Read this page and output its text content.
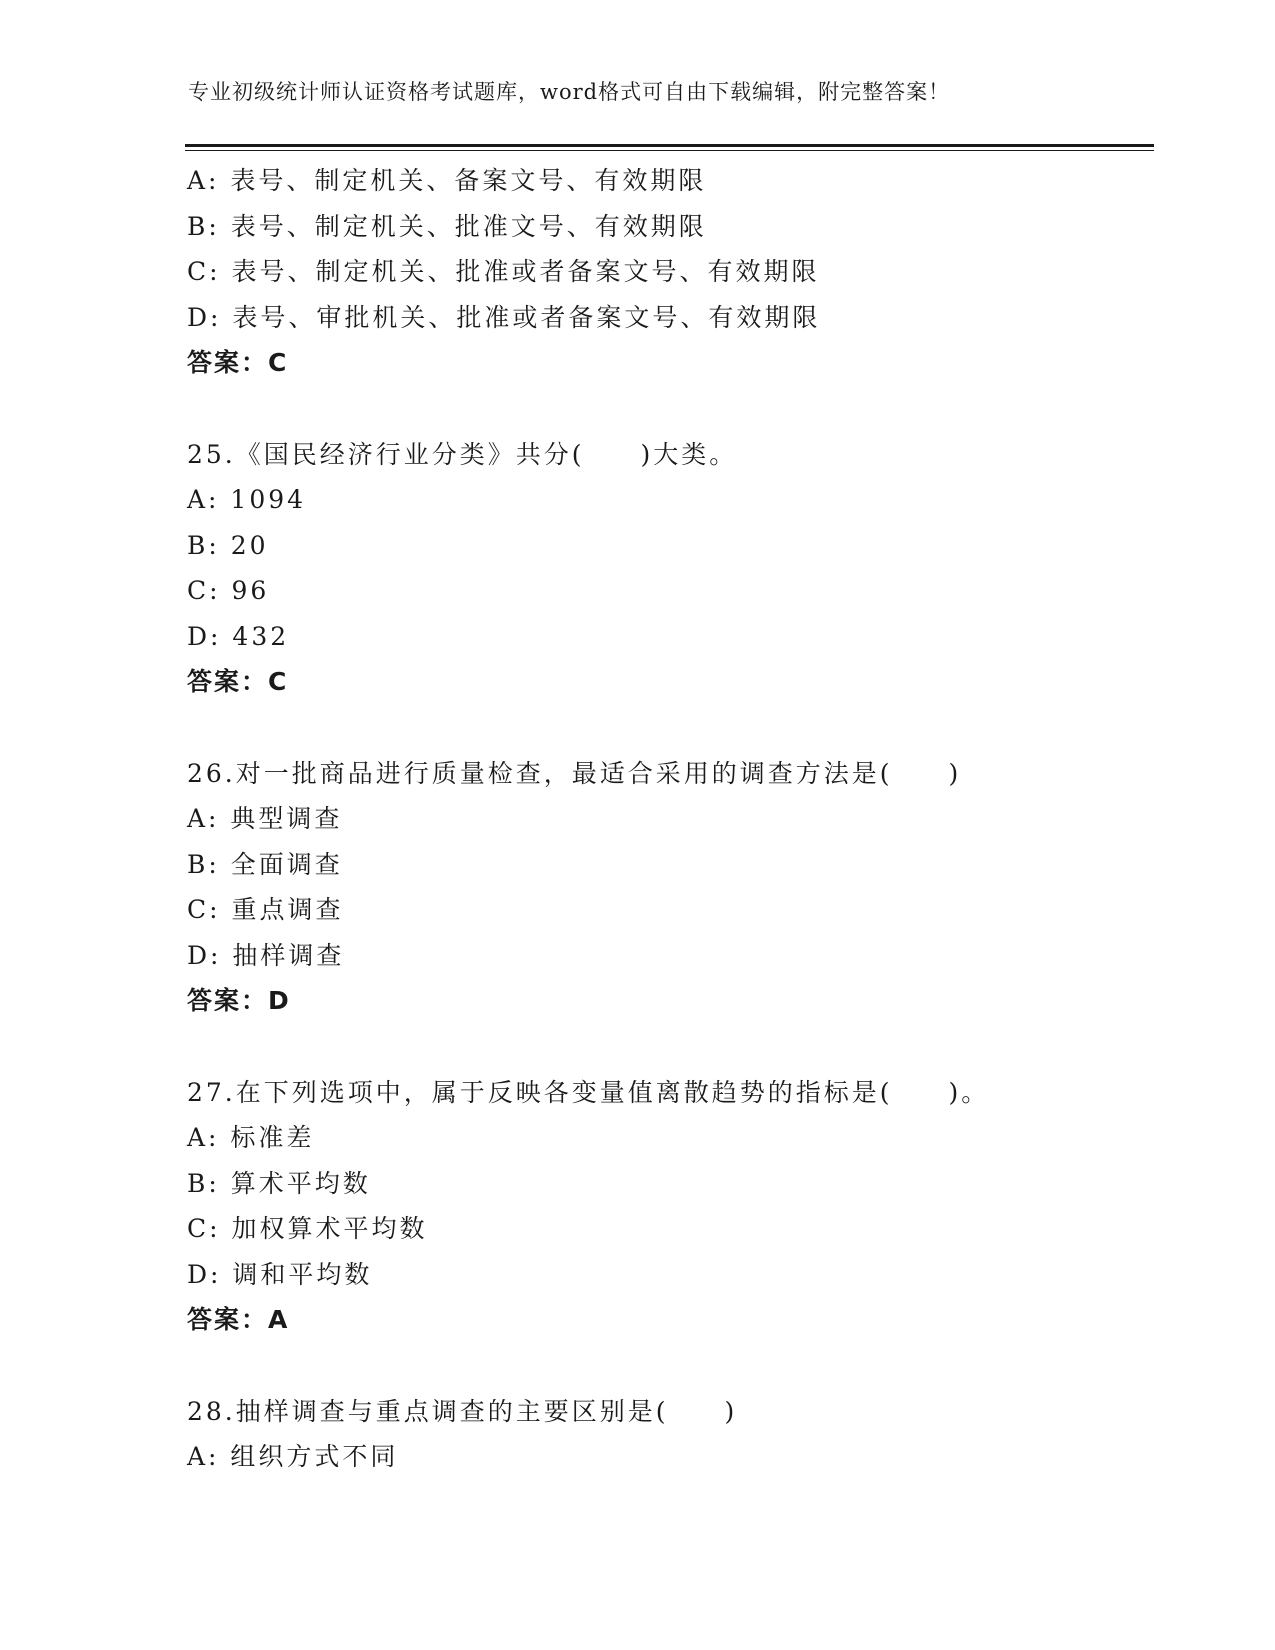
专业初级统计师认证资格考试题库，word格式可自由下载编辑，附完整答案！
A: 表号、制定机关、备案文号、有效期限
B: 表号、制定机关、批准文号、有效期限
C: 表号、制定机关、批准或者备案文号、有效期限
D: 表号、审批机关、批准或者备案文号、有效期限
答案：C
25.《国民经济行业分类》共分(　　)大类。
A: 1094
B: 20
C: 96
D: 432
答案：C
26.对一批商品进行质量检查，最适合采用的调查方法是(　　)
A: 典型调查
B: 全面调查
C: 重点调查
D: 抽样调查
答案：D
27.在下列选项中，属于反映各变量值离散趋势的指标是(　　)。
A: 标准差
B: 算术平均数
C: 加权算术平均数
D: 调和平均数
答案：A
28.抽样调查与重点调查的主要区别是(　　)
A: 组织方式不同
